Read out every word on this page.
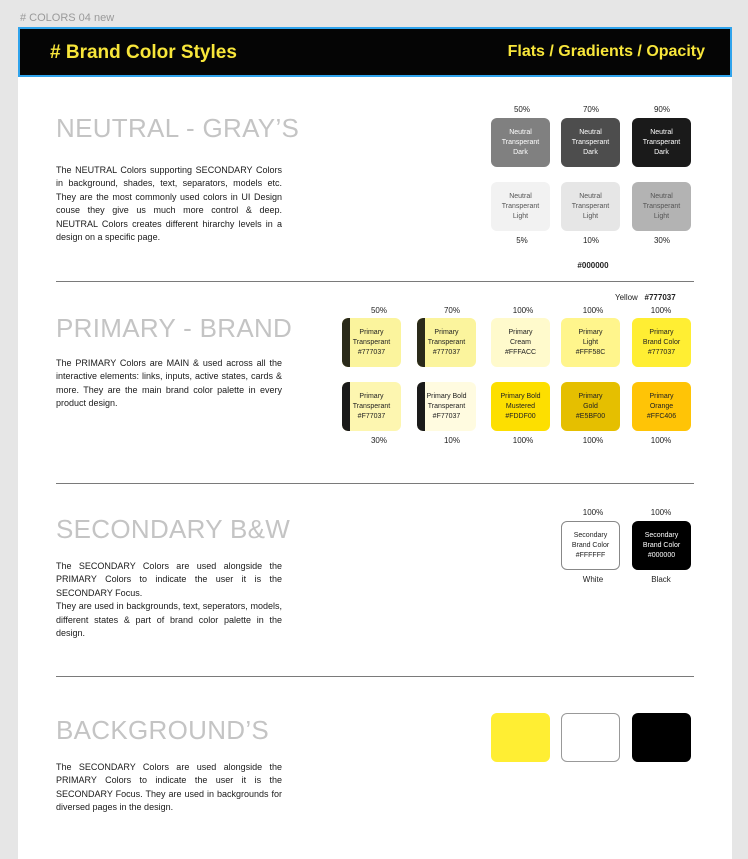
# COLORS 04 new
# Brand Color Styles	Flats / Gradients / Opacity
NEUTRAL - GRAY’S
The NEUTRAL Colors supporting SECONDARY Colors in background, shades, text, separators, models etc. They are the most commonly used colors in UI Design couse they give us much more control & deep. NEUTRAL Colors creates different hirarchy levels in a design on a specific page.
50%	70%	90%
Neutral
Transperant
Dark
Neutral
Transperant
Dark
Neutral
Transperant
Dark
Neutral
Transperant
Light
Neutral
Transperant
Light
Neutral
Transperant
Light
5%	10%	30%
#000000
PRIMARY - BRAND
The PRIMARY Colors are MAIN & used across all the interactive elements: links, inputs, active states, cards & more. They are the main brand color palette in every product design.
Yellow #777037
50%	70%	100%	100%	100%
Primary
Transperant
#777037
Primary
Transperant
#777037
Primary
Cream
#FFFACC
Primary
Light
#FFF58C
Primary
Brand Color
#777037
Primary
Transperant
#F77037
Primary Bold
Transperant
#F77037
Primary Bold
Mustered
#FDDF00
Primary
Gold
#E5BF00
Primary
Orange
#FFC406
30%	10%	100%	100%	100%
SECONDARY B&W
The SECONDARY Colors are used alongside the PRIMARY Colors to indicate the user it is the SECONDARY Focus.
They are used in backgrounds, text, seperators, models, different states & part of brand color palette in the design.
100%	100%
Secondary
Brand Color
#FFFFFF
Secondary
Brand Color
#000000
White	Black
BACKGROUND’S
The SECONDARY Colors are used alongside the PRIMARY Colors to indicate the user it is the SECONDARY Focus. They are used in backgrounds for diversed pages in the design.
